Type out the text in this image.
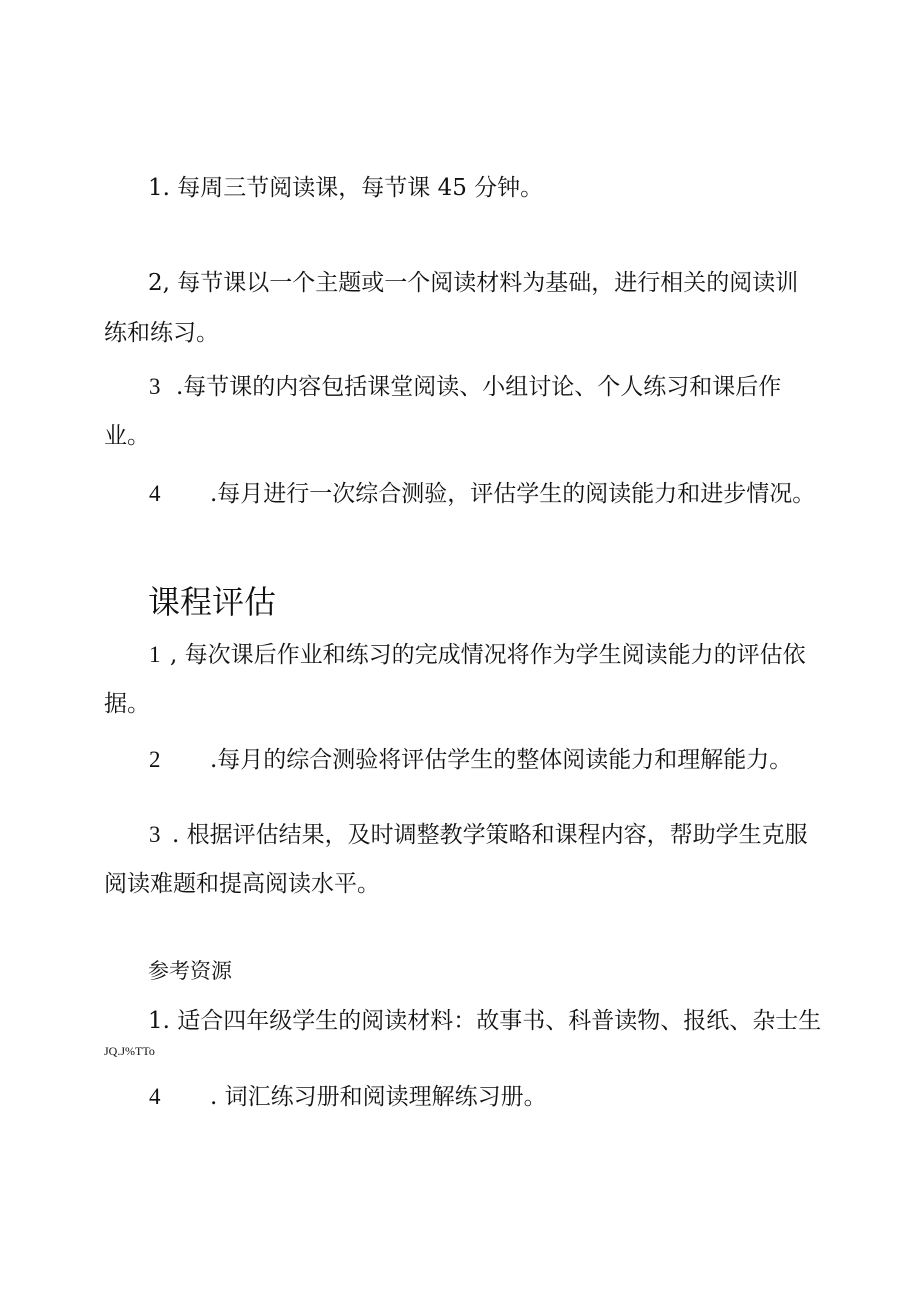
1. 每周三节阅读课，每节课 45 分钟。
2, 每节课以一个主题或一个阅读材料为基础，进行相关的阅读训
练和练习。
3 .每节课的内容包括课堂阅读、小组讨论、个人练习和课后作
业。
4 .每月进行一次综合测验，评估学生的阅读能力和进步情况。
课程评估
1 , 每次课后作业和练习的完成情况将作为学生阅读能力的评估依
据。
2 .每月的综合测验将评估学生的整体阅读能力和理解能力。
3 . 根据评估结果，及时调整教学策略和课程内容，帮助学生克服
阅读难题和提高阅读水平。
参考资源
1. 适合四年级学生的阅读材料：故事书、科普读物、报纸、杂士生
JQ.J%TTo
4 . 词汇练习册和阅读理解练习册。
